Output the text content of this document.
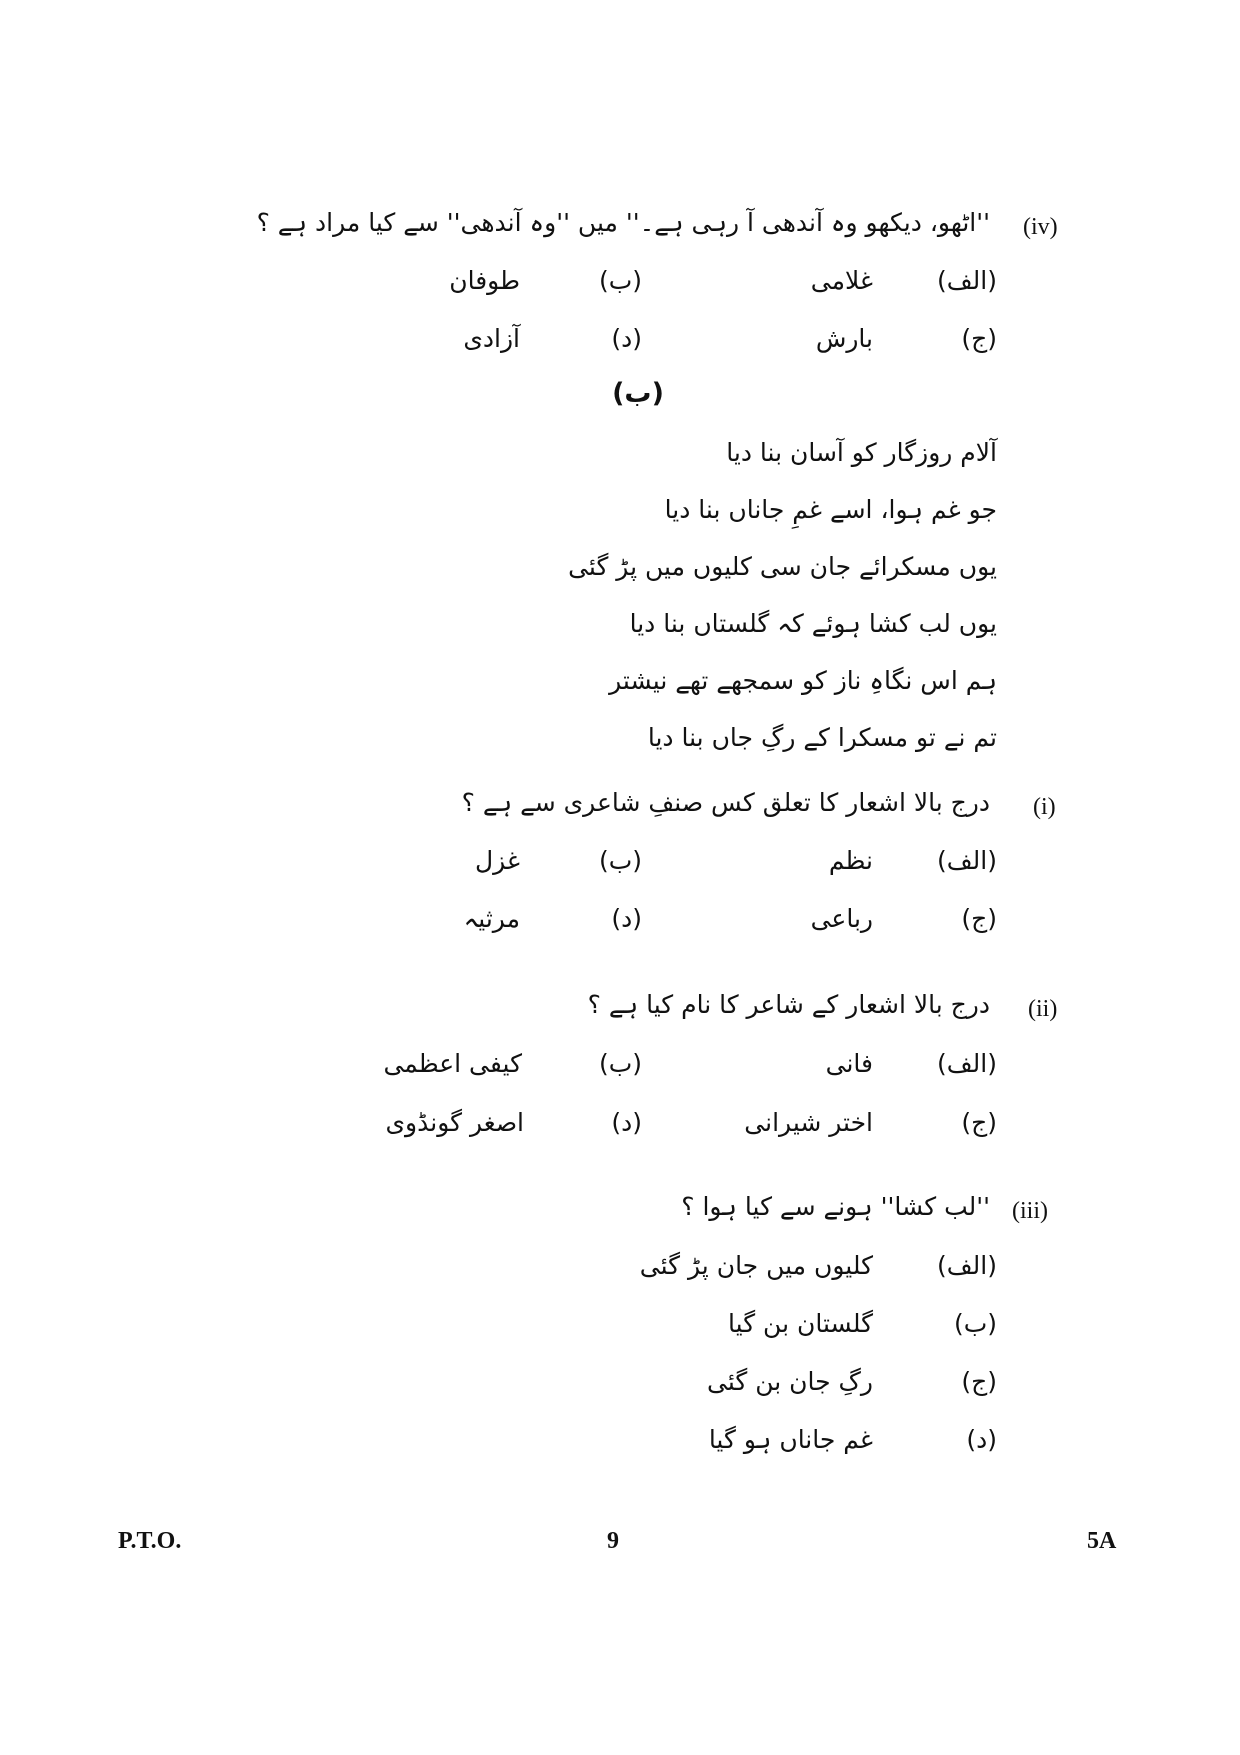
(iv)
''اٹھو، دیکھو وہ آندھی آ رہی ہے۔'' میں ''وہ آندھی'' سے کیا مراد ہے ؟
(الف)
غلامی
(ب)
طوفان
(ج)
بارش
(د)
آزادی
(ب)
آلام روزگار کو آسان بنا دیا
جو غم ہوا، اسے غمِ جاناں بنا دیا
یوں مسکرائے جان سی کلیوں میں پڑ گئی
یوں لب کشا ہوئے کہ گلستاں بنا دیا
ہم اس نگاہِ ناز کو سمجھے تھے نیشتر
تم نے تو مسکرا کے رگِ جاں بنا دیا
(i)
درج بالا اشعار کا تعلق کس صنفِ شاعری سے ہے ؟
(الف)
نظم
(ب)
غزل
(ج)
رباعی
(د)
مرثیہ
(ii)
درج بالا اشعار کے شاعر کا نام کیا ہے ؟
(الف)
فانی
(ب)
کیفی اعظمی
(ج)
اختر شیرانی
(د)
اصغر گونڈوی
(iii)
''لب کشا'' ہونے سے کیا ہوا ؟
(الف)
کلیوں میں جان پڑ گئی
(ب)
گلستان بن گیا
(ج)
رگِ جان بن گئی
(د)
غم جاناں ہو گیا
P.T.O.	9	5A
